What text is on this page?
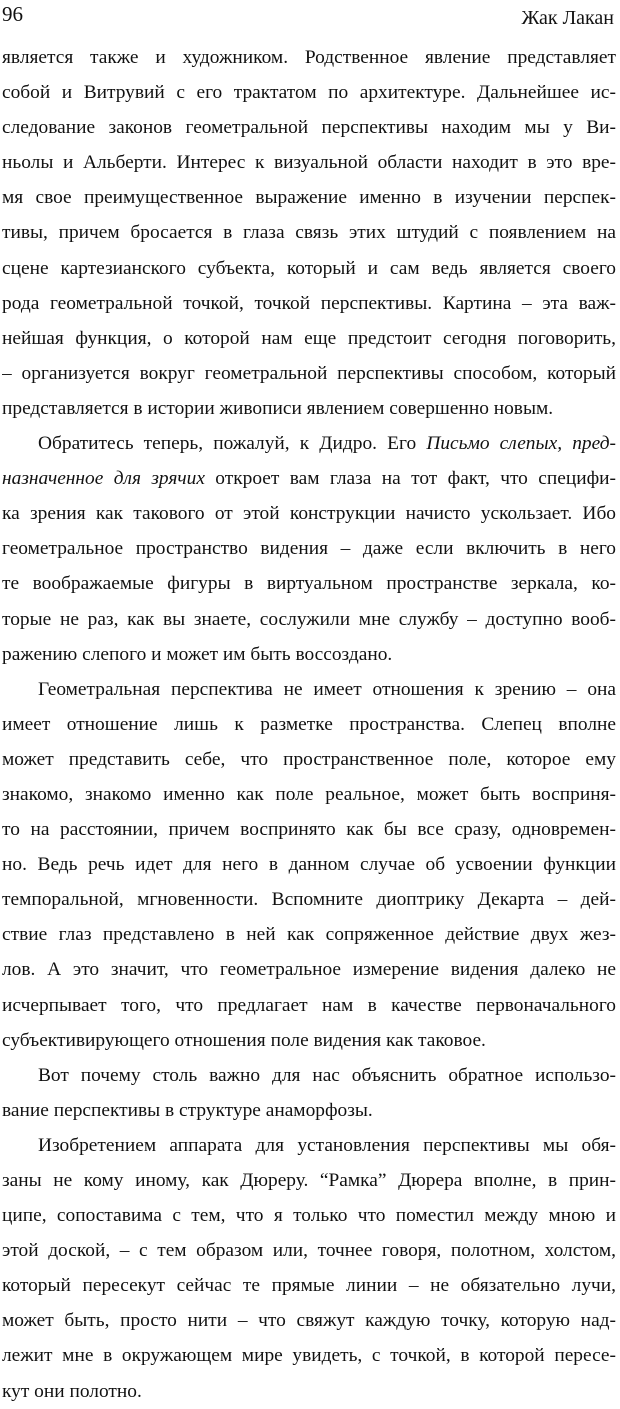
96	Жак Лакан
является также и художником. Родственное явление представляет
собой и Витрувий с его трактатом по архитектуре. Дальнейшее ис-
следование законов геометральной перспективы находим мы у Ви-
ньолы и Альберти. Интерес к визуальной области находит в это вре-
мя свое преимущественное выражение именно в изучении перспек-
тивы, причем бросается в глаза связь этих штудий с появлением на
сцене картезианского субъекта, который и сам ведь является своего
рода геометральной точкой, точкой перспективы. Картина – эта важ-
нейшая функция, о которой нам еще предстоит сегодня поговорить,
– организуется вокруг геометральной перспективы способом, который
представляется в истории живописи явлением совершенно новым.
Обратитесь теперь, пожалуй, к Дидро. Его Письмо слепых, пред-
назначенное для зрячих откроет вам глаза на тот факт, что специфи-
ка зрения как такового от этой конструкции начисто ускользает. Ибо
геометральное пространство видения – даже если включить в него
те воображаемые фигуры в виртуальном пространстве зеркала, ко-
торые не раз, как вы знаете, сослужили мне службу – доступно вооб-
ражению слепого и может им быть воссоздано.
Геометральная перспектива не имеет отношения к зрению – она
имеет отношение лишь к разметке пространства. Слепец вполне
может представить себе, что пространственное поле, которое ему
знакомо, знакомо именно как поле реальное, может быть восприня-
то на расстоянии, причем воспринято как бы все сразу, одновремен-
но. Ведь речь идет для него в данном случае об усвоении функции
темпоральной, мгновенности. Вспомните диоптрику Декарта – дей-
ствие глаз представлено в ней как сопряженное действие двух жез-
лов. А это значит, что геометральное измерение видения далеко не
исчерпывает того, что предлагает нам в качестве первоначального
субъективирующего отношения поле видения как таковое.
Вот почему столь важно для нас объяснить обратное использо-
вание перспективы в структуре анаморфозы.
Изобретением аппарата для установления перспективы мы обя-
заны не кому иному, как Дюреру. “Рамка” Дюрера вполне, в прин-
ципе, сопоставима с тем, что я только что поместил между мною и
этой доской, – с тем образом или, точнее говоря, полотном, холстом,
который пересекут сейчас те прямые линии – не обязательно лучи,
может быть, просто нити – что свяжут каждую точку, которую над-
лежит мне в окружающем мире увидеть, с точкой, в которой пересе-
кут они полотно.
